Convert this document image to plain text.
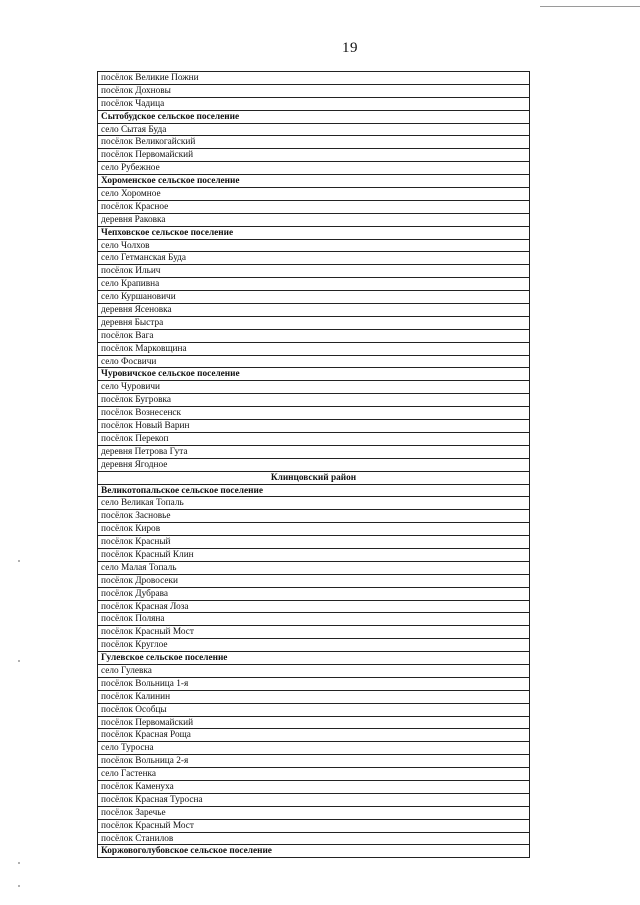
19
посёлок Великие Пожни
посёлок Дохновы
посёлок Чадица
Сытобудское сельское поселение
село Сытая Буда
посёлок Великогайский
посёлок Первомайский
село Рубежное
Хороменское сельское поселение
село Хоромное
посёлок Красное
деревня Раковка
Чепховское сельское поселение
село Чолхов
село Гетманская Буда
посёлок Ильич
село Крапивна
село Куршановичи
деревня Ясеновка
деревня Быстра
посёлок Вага
посёлок Марковщина
село Фосвичи
Чуровичское сельское поселение
село Чуровичи
посёлок Бугровка
посёлок Вознесенск
посёлок Новый Варин
посёлок Перекоп
деревня Петрова Гута
деревня Ягодное
Клинцовский район
Великотопальское сельское поселение
село Великая Топаль
посёлок Засновье
посёлок Киров
посёлок Красный
посёлок Красный Клин
село Малая Топаль
посёлок Дровосеки
посёлок Дубрава
посёлок Красная Лоза
посёлок Поляна
посёлок Красный Мост
посёлок Круглое
Гулевское сельское поселение
село Гулевка
посёлок Вольница 1-я
посёлок Калинин
посёлок Особцы
посёлок Первомайский
посёлок Красная Роща
село Туросна
посёлок Вольница 2-я
село Гастенка
посёлок Каменуха
посёлок Красная Туросна
посёлок Заречье
посёлок Красный Мост
посёлок Станилов
Коржовоголубовское сельское поселение
